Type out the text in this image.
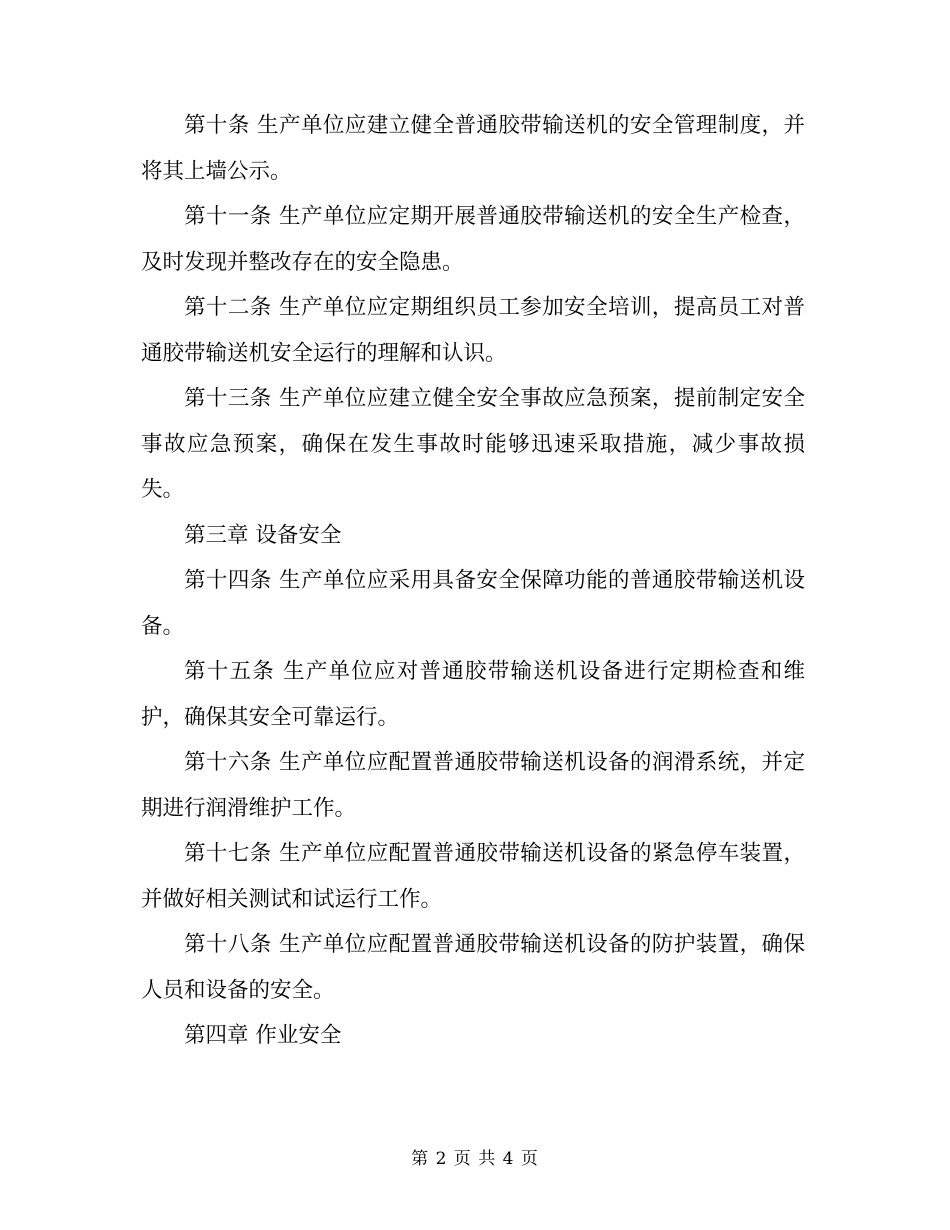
第十条 生产单位应建立健全普通胶带输送机的安全管理制度，并将其上墙公示。

第十一条 生产单位应定期开展普通胶带输送机的安全生产检查，及时发现并整改存在的安全隐患。

第十二条 生产单位应定期组织员工参加安全培训，提高员工对普通胶带输送机安全运行的理解和认识。

第十三条 生产单位应建立健全安全事故应急预案，提前制定安全事故应急预案，确保在发生事故时能够迅速采取措施，减少事故损失。

第三章 设备安全

第十四条 生产单位应采用具备安全保障功能的普通胶带输送机设备。

第十五条 生产单位应对普通胶带输送机设备进行定期检查和维护，确保其安全可靠运行。

第十六条 生产单位应配置普通胶带输送机设备的润滑系统，并定期进行润滑维护工作。

第十七条 生产单位应配置普通胶带输送机设备的紧急停车装置，并做好相关测试和试运行工作。

第十八条 生产单位应配置普通胶带输送机设备的防护装置，确保人员和设备的安全。

第四章 作业安全

第 2 页 共 4 页
